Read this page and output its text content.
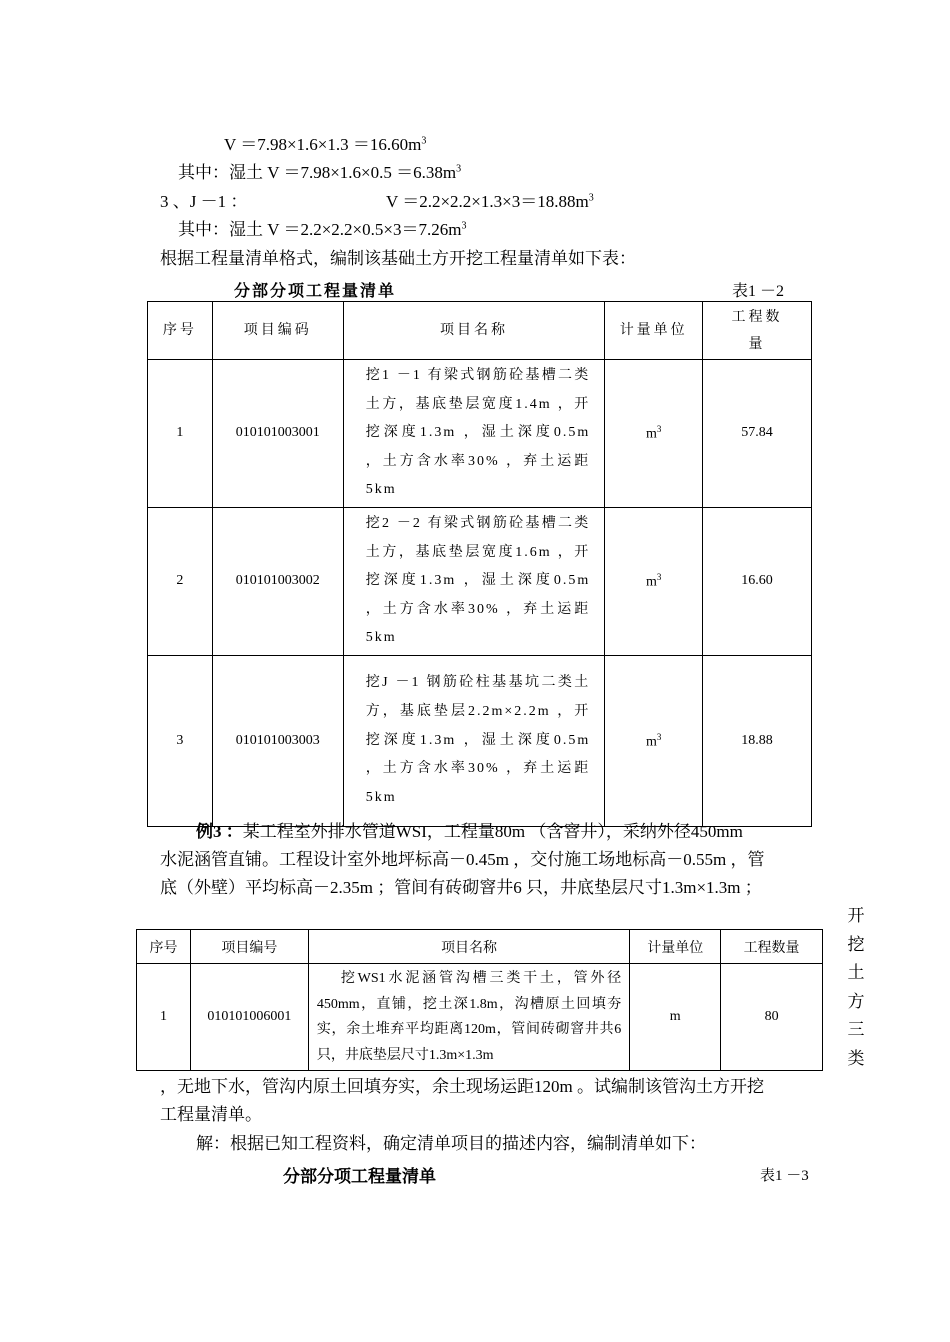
$V =7.98\times 1.6\times 1.3 =16.60m^3$
其中：湿土 $V =7.98\times 1.6\times 0.5 =6.38m^3$
3 、J －1 ：	$V =2.2\times 2.2\times 1.3\times 3=18.88m^3$
其中：湿土 $V =2.2\times 2.2\times 0.5\times 3=7.26m^3$
根据工程量清单格式，编制该基础土方开挖工程量清单如下表：
分部分项工程量清单	表1 －2
序号	项目编码	项目名称	计量单位	工程数量
1	010101003001	挖1 －1 有梁式钢筋砼基槽二类土方，基底垫层宽度1.4m ，开挖深度1.3m ，湿土深度0.5m ，土方含水率30% ，弃土运距5km	$m^3$	57.84
2	010101003002	挖2 －2 有梁式钢筋砼基槽二类土方，基底垫层宽度1.6m ，开挖深度1.3m ，湿土深度0.5m ，土方含水率30% ，弃土运距5km	$m^3$	16.60
3	010101003003	挖J －1 钢筋砼柱基基坑二类土方，基底垫层2.2m×2.2m ，开挖深度1.3m ，湿土深度0.5m ，土方含水率30% ，弃土运距5km	$m^3$	18.88
例3 ：某工程室外排水管道WSI，工程量80m （含窨井），采纳外径450mm
水泥涵管直铺。工程设计室外地坪标高－0.45m ，交付施工场地标高－0.55m ，管
底（外壁）平均标高－2.35m ；管间有砖砌窨井6 只，井底垫层尺寸1.3m×1.3m ；
序号	项目编号	项目名称	计量单位	工程数量
1	010101006001	挖WS1水泥涵管沟槽三类干土，管外径450mm，直铺，挖土深1.8m，沟槽原土回填夯实，余土堆弃平均距离120m，管间砖砌窨井共6只，井底垫层尺寸1.3m×1.3m	m	80
开
挖
土
方
三
类
，无地下水，管沟内原土回填夯实，余土现场运距120m 。试编制该管沟土方开挖
工程量清单。
解：根据已知工程资料，确定清单项目的描述内容，编制清单如下：
分部分项工程量清单	表1 －3
